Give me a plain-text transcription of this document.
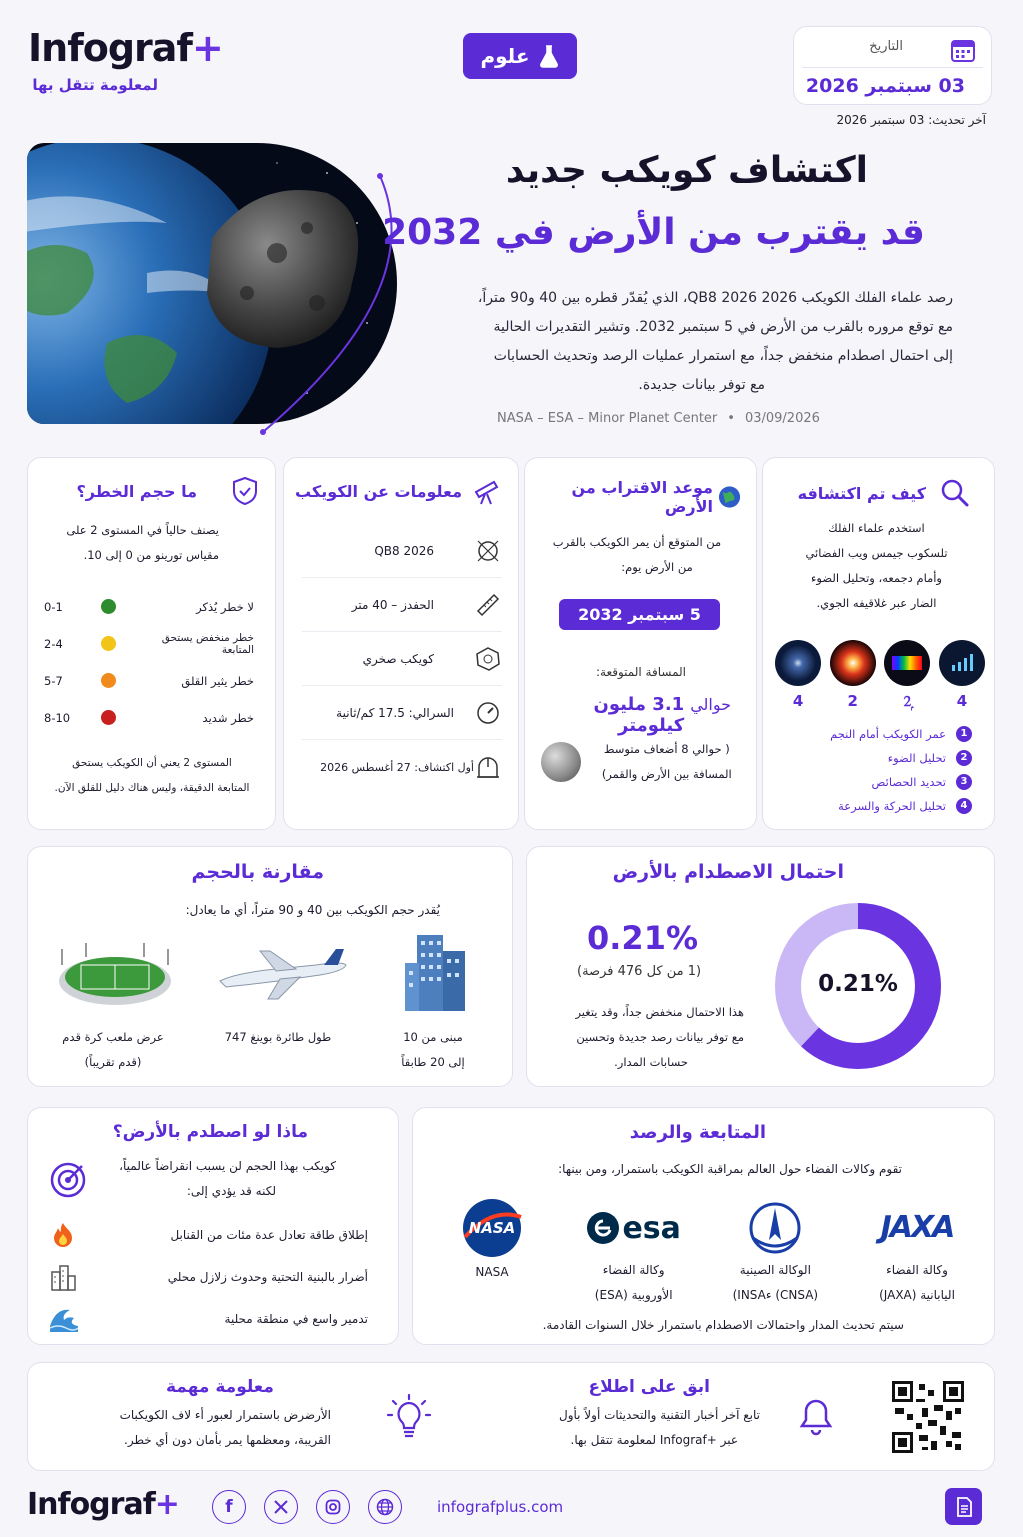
Infograf+
لمعلومة تتقل بها
علوم	التاريخ
03 سبتمبر 2026
آخر تحديث: 03 سبتمبر 2026
اكتشاف كويكب جديد
قد يقترب من الأرض في 2032
رصد علماء الفلك الكويكب 2026 QB8 2026، الذي يُقدّر قطره بين 40 و90 متراً،
مع توقع مروره بالقرب من الأرض في 5 سبتمبر 2032. وتشير التقديرات الحالية
إلى احتمال اصطدام منخفض جداً، مع استمرار عمليات الرصد وتحديث الحسابات
مع توفر بيانات جديدة.
NASA – ESA – Minor Planet Center • 03/09/2026
كيف تم اكتشافه
استخدم علماء الفلك
تلسكوب جيمس ويب الفضائي
وأمام دجمعه، وتحليل الضوء
الضار عبر غلاقيفه الجوي.
4
2ۭ
2
4
1
عمر الكويكب أمام النجم
2
تحليل الضوء
3
تحديد الحصائص
4
تحليل الحركة والسرعة
موعد الاقتراب من الأرض
من المتوقع أن يمر الكويكب بالقرب
من الأرض يوم:
5 سبتمبر 2032
المسافة المتوقعة:
حوالي
3.1 مليون كيلومتر
( حوالي 8 أضعاف متوسط
المسافة بين الأرض والقمر)
معلومات عن الكويكب
2026 QB8
الحفدز – 40 متر
كويكب صخري
السرالي: 17.5 كم/ثانية
أول اكتشاف: 27 أغسطس 2026
ما حجم الخطر؟
يصنف حالياً في المستوى 2 على
مقياس تورينو من 0 إلى 10.
لا خطر يُذكر
0-1
خطر منخفض يستحق المتابعة
2-4
خطر يثير القلق
5-7
خطر شديد
8-10
المستوى 2 يعني أن الكويكب يستحق
المتابعة الدقيقة، وليس هناك دليل للقلق الآن.
احتمال الاصطدام بالأرض
0.21%
0.21%
(1 من كل 476 فرصة)
هذا الاحتمال منخفض جداً، وقد يتغير
مع توفر بيانات رصد جديدة وتحسين
حسابات المدار.
مقارنة بالحجم
يُقدر حجم الكويكب بين 40 و 90 متراً، أي ما يعادل:
مبنى من 10
إلى 20 طابقاً
طول طائرة بوينغ 747
عرض ملعب كرة قدم
(قدم تقريباً)
المتابعة والرصد
تقوم وكالات الفضاء حول العالم بمراقبة الكويكب باستمرار، ومن بينها:
JAXA
وكالة الفضاء
اليابانية (JAXA)
الوكالة الصينية
(CNSA) ءINSA)
esa
وكالة الفضاء
الأوروبية (ESA)
NASA
NASA
سيتم تحديث المدار واحتمالات الاصطدام باستمرار خلال السنوات القادمة.
ماذا لو اصطدم بالأرض؟
كويكب بهذا الحجم لن يسبب انقراضاً عالمياً،
لكنه قد يؤدي إلى:
إطلاق طاقة تعادل عدة مئات من القنابل
أضرار بالبنية التحتية وحدوث زلازل محلي
تدمير واسع في منطقة محلية
ابق على اطلاع
تابع آخر أخبار التقنية والتحديثات أولاً بأول
عبر +Infograf لمعلومة تتقل بها.
معلومة مهمة
الأرضرض باستمرار لعبور أء لاف الكويكبات
القريبة، ومعظمها يمر بأمان دون أي خطر.
Infograf+	f	infografplus.com
